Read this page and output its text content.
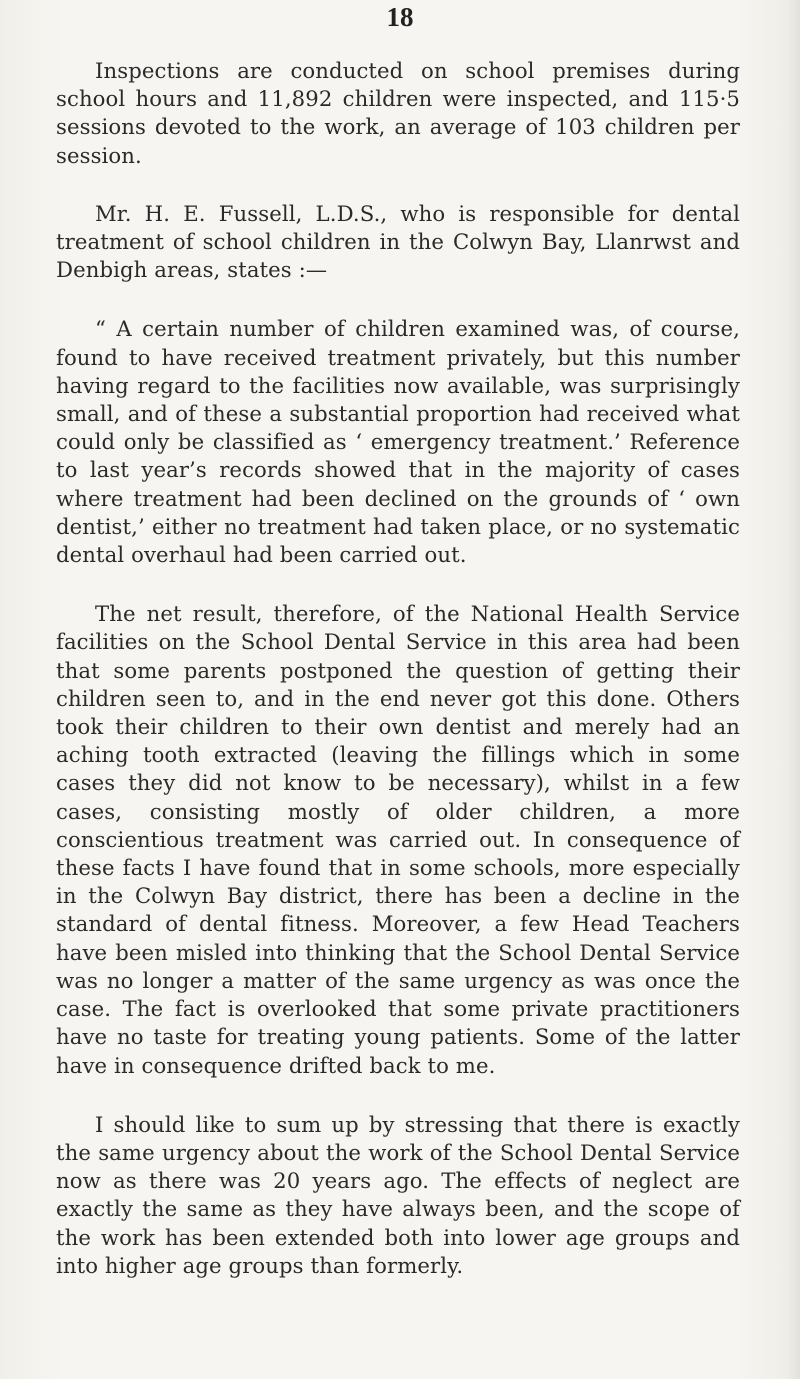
18

Inspections are conducted on school premises during school hours and 11,892 children were inspected, and 115·5 sessions devoted to the work, an average of 103 children per session.

Mr. H. E. Fussell, L.D.S., who is responsible for dental treatment of school children in the Colwyn Bay, Llanrwst and Denbigh areas, states :—

“ A certain number of children examined was, of course, found to have received treatment privately, but this number having regard to the facilities now available, was surprisingly small, and of these a substantial proportion had received what could only be classified as ‘ emergency treatment.’ Reference to last year’s records showed that in the majority of cases where treatment had been declined on the grounds of ‘ own dentist,’ either no treatment had taken place, or no systematic dental overhaul had been carried out.

The net result, therefore, of the National Health Service facilities on the School Dental Service in this area had been that some parents postponed the question of getting their children seen to, and in the end never got this done. Others took their children to their own dentist and merely had an aching tooth extracted (leaving the fillings which in some cases they did not know to be necessary), whilst in a few cases, consisting mostly of older children, a more conscientious treatment was carried out. In consequence of these facts I have found that in some schools, more especially in the Colwyn Bay district, there has been a decline in the standard of dental fitness. Moreover, a few Head Teachers have been misled into thinking that the School Dental Service was no longer a matter of the same urgency as was once the case. The fact is overlooked that some private practitioners have no taste for treating young patients. Some of the latter have in consequence drifted back to me.

I should like to sum up by stressing that there is exactly the same urgency about the work of the School Dental Service now as there was 20 years ago. The effects of neglect are exactly the same as they have always been, and the scope of the work has been extended both into lower age groups and into higher age groups than formerly.
